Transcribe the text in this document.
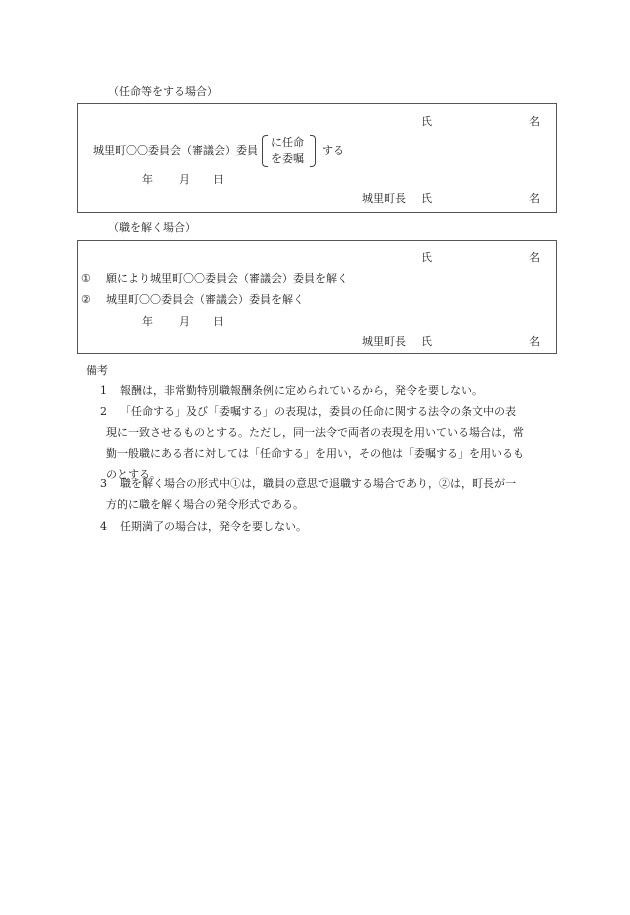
（任命等をする場合）
氏	名
城里町〇〇委員会（審議会）委員
に任命
を委嘱
する
年 月 日
城里町長 氏	名
（職を解く場合）
氏	名
① 願により城里町〇〇委員会（審議会）委員を解く
② 城里町〇〇委員会（審議会）委員を解く
年 月 日
城里町長 氏	名
備考
1 報酬は，非常勤特別職報酬条例に定められているから，発令を要しない。
2	「任命する」及び「委嘱する」の表現は，委員の任命に関する法令の条文中の表現に一致させるものとする。ただし，同一法令で両者の表現を用いている場合は，常勤一般職にある者に対しては「任命する」を用い，その他は「委嘱する」を用いるものとする。
3	職を解く場合の形式中①は，職員の意思で退職する場合であり，②は，町長が一方的に職を解く場合の発令形式である。
4 任期満了の場合は，発令を要しない。
